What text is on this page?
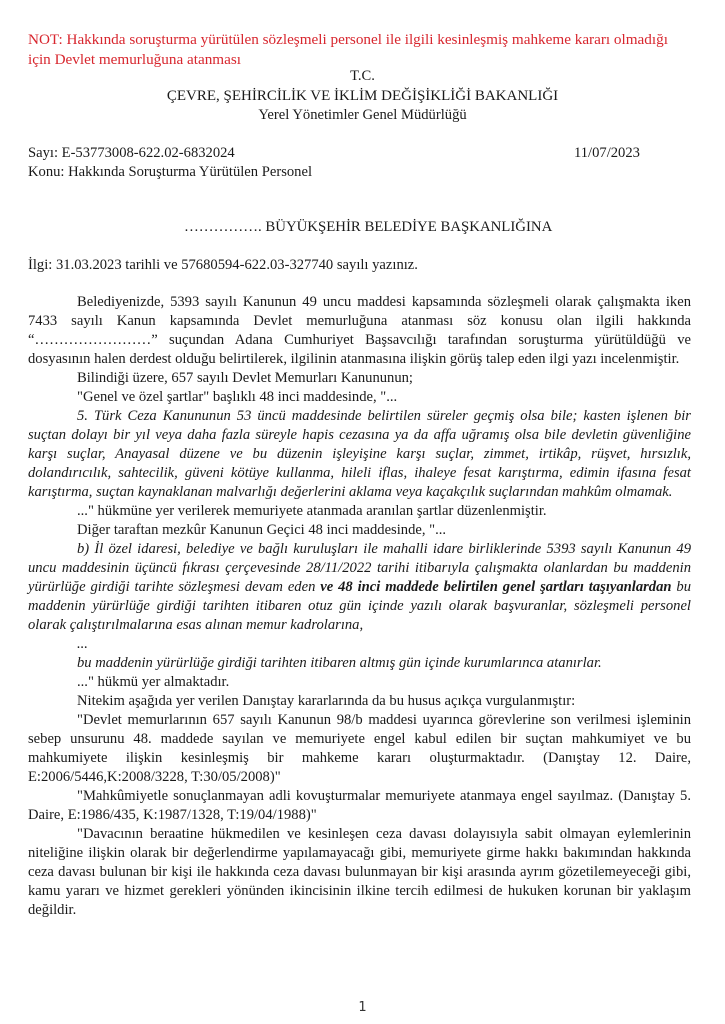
NOT: Hakkında soruşturma yürütülen sözleşmeli personel ile ilgili kesinleşmiş mahkeme kararı olmadığı için Devlet memurluğuna atanması
T.C.
ÇEVRE, ŞEHİRCİLİK VE İKLİM DEĞİŞİKLİĞİ BAKANLIĞI
Yerel Yönetimler Genel Müdürlüğü
Sayı: E-53773008-622.02-6832024	11/07/2023
Konu: Hakkında Soruşturma Yürütülen Personel
……………. BÜYÜKŞEHİR BELEDİYE BAŞKANLIĞINA
İlgi: 31.03.2023 tarihli ve 57680594-622.03-327740 sayılı yazınız.

Belediyenizde, 5393 sayılı Kanunun 49 uncu maddesi kapsamında sözleşmeli olarak çalışmakta iken 7433 sayılı Kanun kapsamında Devlet memurluğuna atanması söz konusu olan ilgili hakkında “……………………” suçundan Adana Cumhuriyet Başsavcılığı tarafından soruşturma yürütüldüğü ve dosyasının halen derdest olduğu belirtilerek, ilgilinin atanmasına ilişkin görüş talep eden ilgi yazı incelenmiştir.

Bilindiği üzere, 657 sayılı Devlet Memurları Kanununun;

"Genel ve özel şartlar" başlıklı 48 inci maddesinde, "...

5. Türk Ceza Kanununun 53 üncü maddesinde belirtilen süreler geçmiş olsa bile; kasten işlenen bir suçtan dolayı bir yıl veya daha fazla süreyle hapis cezasına ya da affa uğramış olsa bile devletin güvenliğine karşı suçlar, Anayasal düzene ve bu düzenin işleyişine karşı suçlar, zimmet, irtikâp, rüşvet, hırsızlık, dolandırıcılık, sahtecilik, güveni kötüye kullanma, hileli iflas, ihaleye fesat karıştırma, edimin ifasına fesat karıştırma, suçtan kaynaklanan malvarlığı değerlerini aklama veya kaçakçılık suçlarından mahkûm olmamak.

..." hükmüne yer verilerek memuriyete atanmada aranılan şartlar düzenlenmiştir.

Diğer taraftan mezkûr Kanunun Geçici 48 inci maddesinde, "...

b) İl özel idaresi, belediye ve bağlı kuruluşları ile mahalli idare birliklerinde 5393 sayılı Kanunun 49 uncu maddesinin üçüncü fıkrası çerçevesinde 28/11/2022 tarihi itibarıyla çalışmakta olanlardan bu maddenin yürürlüğe girdiği tarihte sözleşmesi devam eden ve 48 inci maddede belirtilen genel şartları taşıyanlardan bu maddenin yürürlüğe girdiği tarihten itibaren otuz gün içinde yazılı olarak başvuranlar, sözleşmeli personel olarak çalıştırılmalarına esas alınan memur kadrolarına,

...

bu maddenin yürürlüğe girdiği tarihten itibaren altmış gün içinde kurumlarınca atanırlar.

..." hükmü yer almaktadır.

Nitekim aşağıda yer verilen Danıştay kararlarında da bu husus açıkça vurgulanmıştır:

"Devlet memurlarının 657 sayılı Kanunun 98/b maddesi uyarınca görevlerine son verilmesi işleminin sebep unsurunu 48. maddede sayılan ve memuriyete engel kabul edilen bir suçtan mahkumiyet ve bu mahkumiyete ilişkin kesinleşmiş bir mahkeme kararı oluşturmaktadır. (Danıştay 12. Daire, E:2006/5446,K:2008/3228, T:30/05/2008)"

"Mahkûmiyetle sonuçlanmayan adli kovuşturmalar memuriyete atanmaya engel sayılmaz. (Danıştay 5. Daire, E:1986/435, K:1987/1328, T:19/04/1988)"

"Davacının beraatine hükmedilen ve kesinleşen ceza davası dolayısıyla sabit olmayan eylemlerinin niteliğine ilişkin olarak bir değerlendirme yapılamayacağı gibi, memuriyete girme hakkı bakımından hakkında ceza davası bulunan bir kişi ile hakkında ceza davası bulunmayan bir kişi arasında ayrım gözetilemeyeceği gibi, kamu yararı ve hizmet gerekleri yönünden ikincisinin ilkine tercih edilmesi de hukuken korunan bir yaklaşım değildir.

1
